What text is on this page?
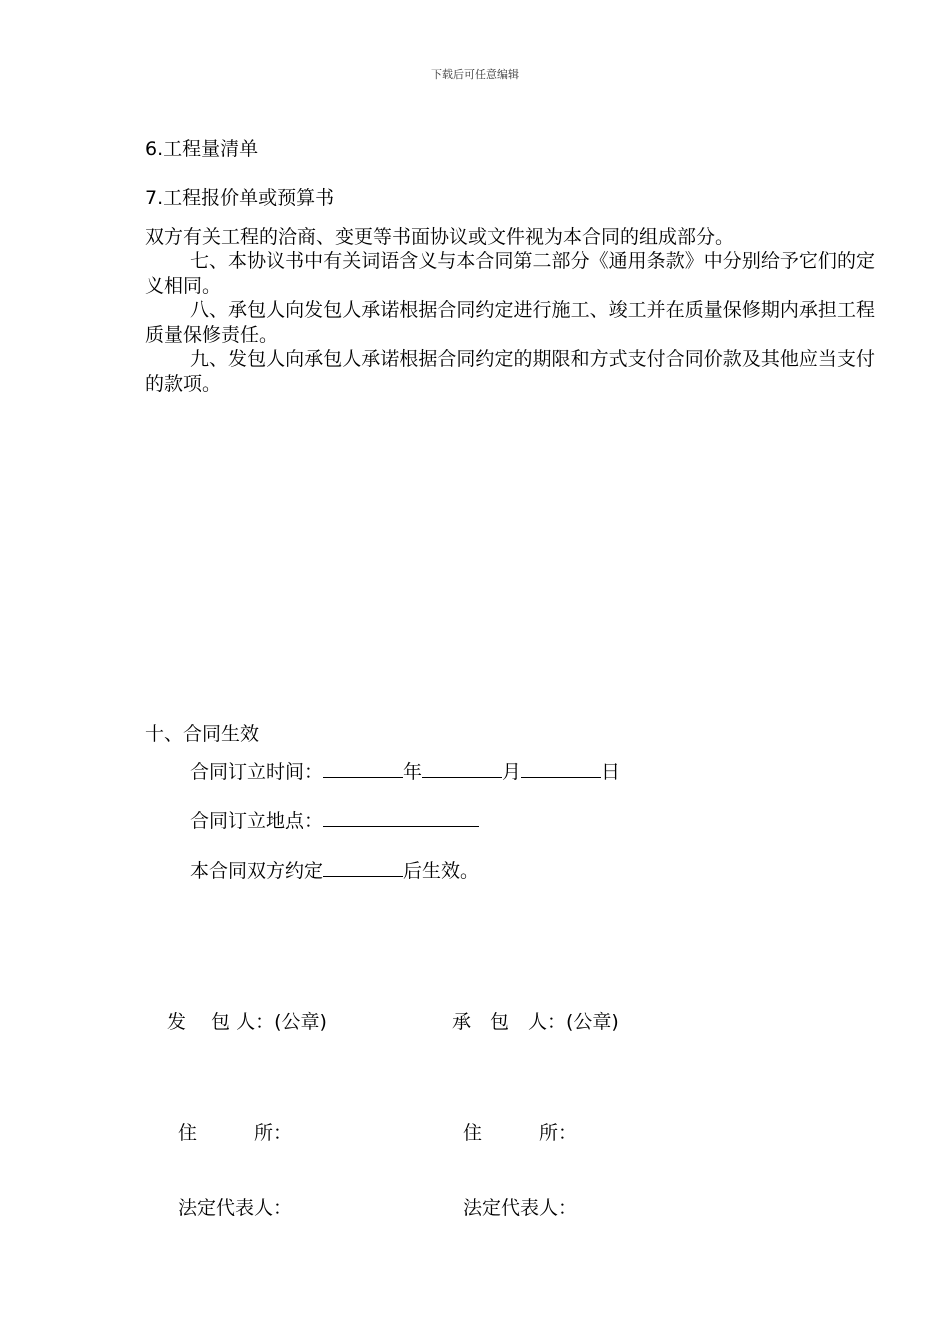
下载后可任意编辑
6.工程量清单
7.工程报价单或预算书
双方有关工程的洽商、变更等书面协议或文件视为本合同的组成部分。
七、本协议书中有关词语含义与本合同第二部分《通用条款》中分别给予它们的定义相同。
八、承包人向发包人承诺根据合同约定进行施工、竣工并在质量保修期内承担工程质量保修责任。
九、发包人向承包人承诺根据合同约定的期限和方式支付合同价款及其他应当支付的款项。
十、合同生效
合同订立时间：	年	月	日
合同订立地点：
本合同双方约定	后生效。
发　 包 人：(公章)	承　包　人：(公章)
住　　　所：	住　　　所：
法定代表人：	法定代表人：
